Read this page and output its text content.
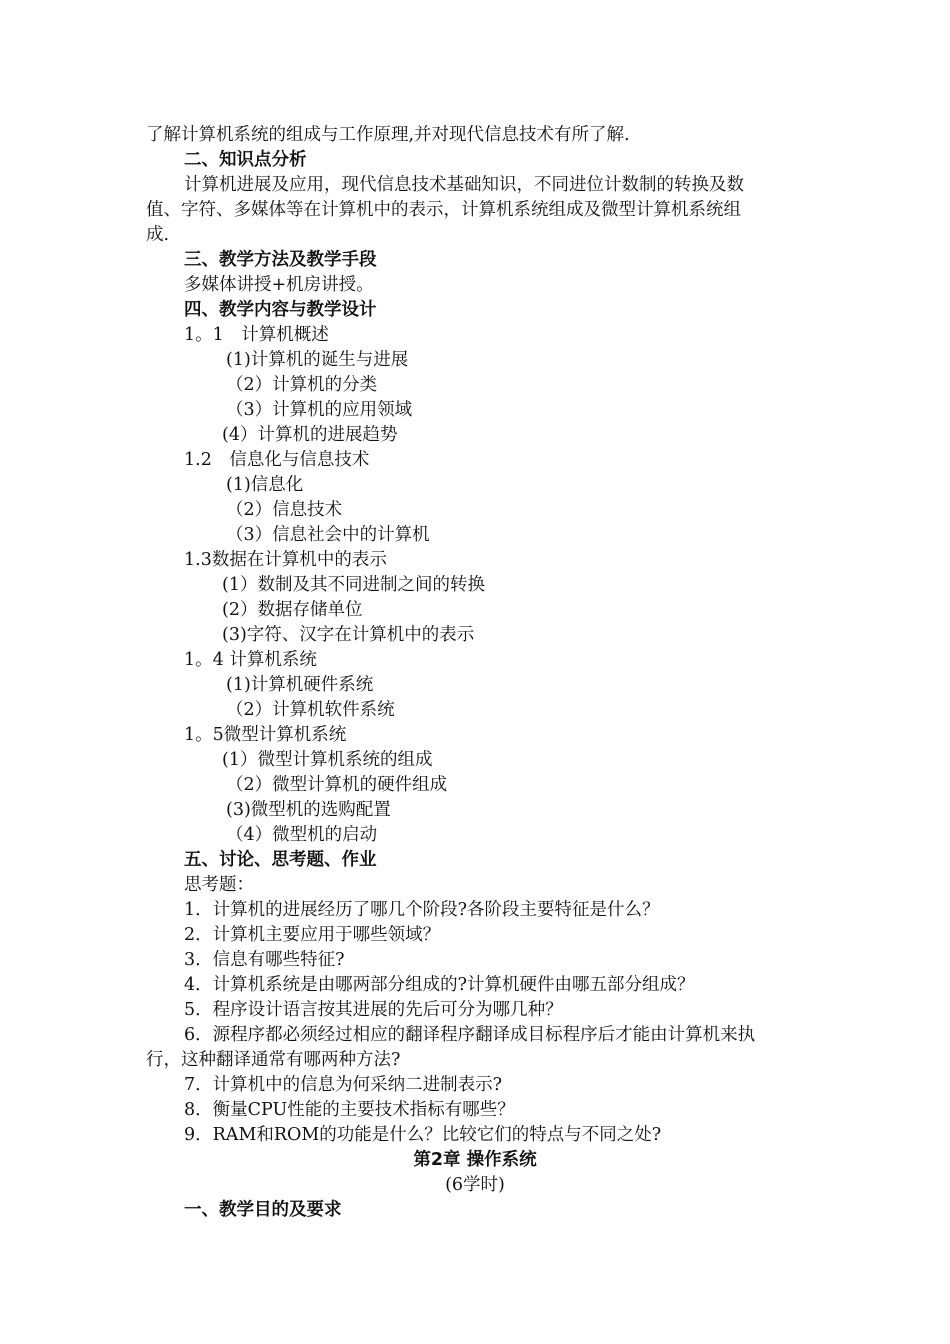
了解计算机系统的组成与工作原理,并对现代信息技术有所了解.
二、知识点分析
计算机进展及应用，现代信息技术基础知识，不同进位计数制的转换及数
值、字符、多媒体等在计算机中的表示，计算机系统组成及微型计算机系统组
成.
三、教学方法及教学手段
多媒体讲授+机房讲授。
四、教学内容与教学设计
1。1　计算机概述
(1)计算机的诞生与进展
（2）计算机的分类
（3）计算机的应用领域
(4）计算机的进展趋势
1.2　信息化与信息技术
(1)信息化
（2）信息技术
（3）信息社会中的计算机
1.3数据在计算机中的表示
(1）数制及其不同进制之间的转换
(2）数据存储单位
(3)字符、汉字在计算机中的表示
1。4 计算机系统
(1)计算机硬件系统
（2）计算机软件系统
1。5微型计算机系统
(1）微型计算机系统的组成
（2）微型计算机的硬件组成
(3)微型机的选购配置
（4）微型机的启动
五、讨论、思考题、作业
思考题：
1．计算机的进展经历了哪几个阶段?各阶段主要特征是什么？
2．计算机主要应用于哪些领域？
3．信息有哪些特征?
4．计算机系统是由哪两部分组成的?计算机硬件由哪五部分组成？
5．程序设计语言按其进展的先后可分为哪几种？
6．源程序都必须经过相应的翻译程序翻译成目标程序后才能由计算机来执
行，这种翻译通常有哪两种方法?
7．计算机中的信息为何采纳二进制表示?
8．衡量CPU性能的主要技术指标有哪些？
9．RAM和ROM的功能是什么？比较它们的特点与不同之处?
第2章 操作系统
(6学时)
一、教学目的及要求
